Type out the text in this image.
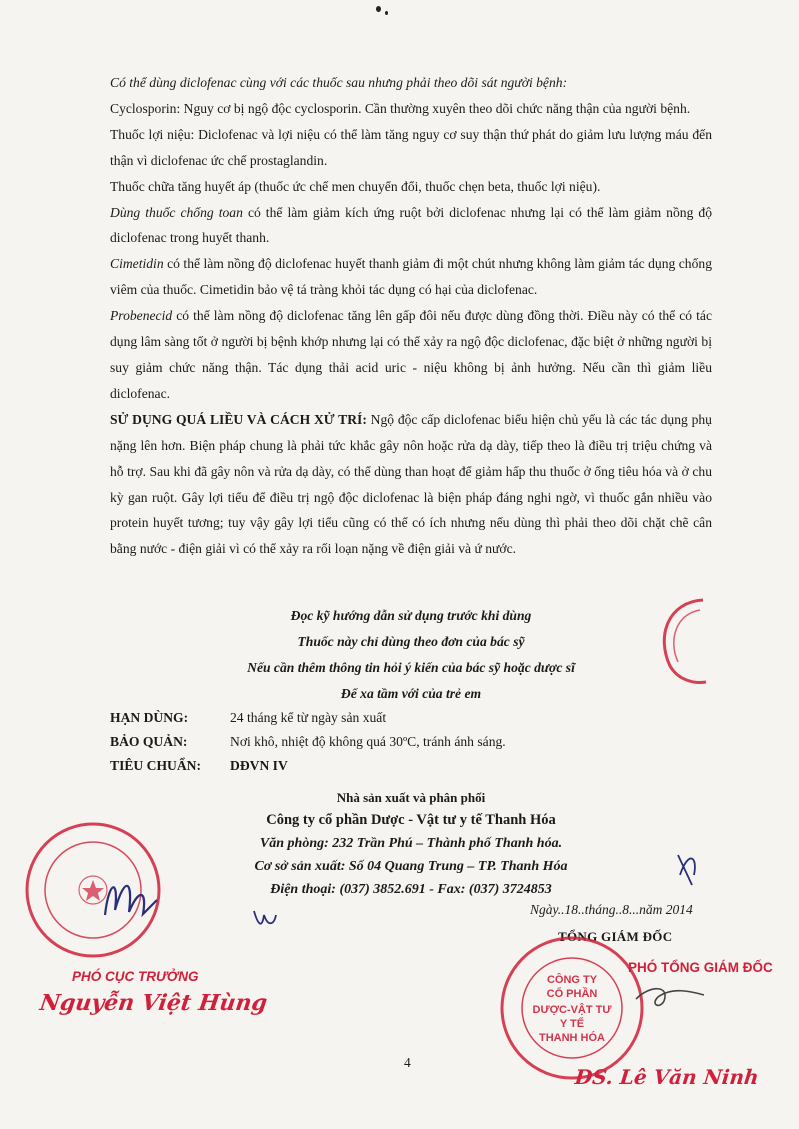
Có thể dùng diclofenac cùng với các thuốc sau nhưng phải theo dõi sát người bệnh:

Cyclosporin: Nguy cơ bị ngộ độc cyclosporin. Cần thường xuyên theo dõi chức năng thận của người bệnh.

Thuốc lợi niệu: Diclofenac và lợi niệu có thể làm tăng nguy cơ suy thận thứ phát do giảm lưu lượng máu đến thận vì diclofenac ức chế prostaglandin.

Thuốc chữa tăng huyết áp (thuốc ức chế men chuyển đổi, thuốc chẹn beta, thuốc lợi niệu).

Dùng thuốc chống toan có thể làm giảm kích ứng ruột bởi diclofenac nhưng lại có thể làm giảm nồng độ diclofenac trong huyết thanh.

Cimetidin có thể làm nồng độ diclofenac huyết thanh giảm đi một chút nhưng không làm giảm tác dụng chống viêm của thuốc. Cimetidin bảo vệ tá tràng khỏi tác dụng có hại của diclofenac.

Probenecid có thể làm nồng độ diclofenac tăng lên gấp đôi nếu được dùng đồng thời. Điều này có thể có tác dụng lâm sàng tốt ở người bị bệnh khớp nhưng lại có thể xảy ra ngộ độc diclofenac, đặc biệt ở những người bị suy giảm chức năng thận. Tác dụng thải acid uric - niệu không bị ảnh hưởng. Nếu cần thì giảm liều diclofenac.

SỬ DỤNG QUÁ LIỀU VÀ CÁCH XỬ TRÍ: Ngộ độc cấp diclofenac biểu hiện chủ yếu là các tác dụng phụ nặng lên hơn. Biện pháp chung là phải tức khắc gây nôn hoặc rửa dạ dày, tiếp theo là điều trị triệu chứng và hỗ trợ. Sau khi đã gây nôn và rửa dạ dày, có thể dùng than hoạt để giảm hấp thu thuốc ở ống tiêu hóa và ở chu kỳ gan ruột. Gây lợi tiểu để điều trị ngộ độc diclofenac là biện pháp đáng nghi ngờ, vì thuốc gắn nhiều vào protein huyết tương; tuy vậy gây lợi tiểu cũng có thể có ích nhưng nếu dùng thì phải theo dõi chặt chẽ cân bằng nước - điện giải vì có thể xảy ra rối loạn nặng về điện giải và ứ nước.

Đọc kỹ hướng dẫn sử dụng trước khi dùng
Thuốc này chỉ dùng theo đơn của bác sỹ
Nếu cần thêm thông tin hỏi ý kiến của bác sỹ hoặc dược sĩ
Để xa tầm với của trẻ em
HẠN DÙNG:	24 tháng kể từ ngày sản xuất
BẢO QUẢN:	Nơi khô, nhiệt độ không quá 30ºC, tránh ánh sáng.
TIÊU CHUẨN:	DĐVN IV
Nhà sản xuất và phân phối
Công ty cổ phần Dược - Vật tư y tế Thanh Hóa
Văn phòng: 232 Trần Phú – Thành phố Thanh hóa.
Cơ sở sản xuất: Số 04 Quang Trung – TP. Thanh Hóa
Điện thoại: (037) 3852.691 - Fax: (037) 3724853
PHÓ CỤC TRƯỞNG
Nguyễn Việt Hùng
Ngày..18..tháng..8...năm 2014
TỔNG GIÁM ĐỐC
CÔNG TY
CỔ PHẦN
DƯỢC-VẬT TƯ
Y TẾ
THANH HÓA
PHÓ TỔNG GIÁM ĐỐC
DS. Lê Văn Ninh
4
